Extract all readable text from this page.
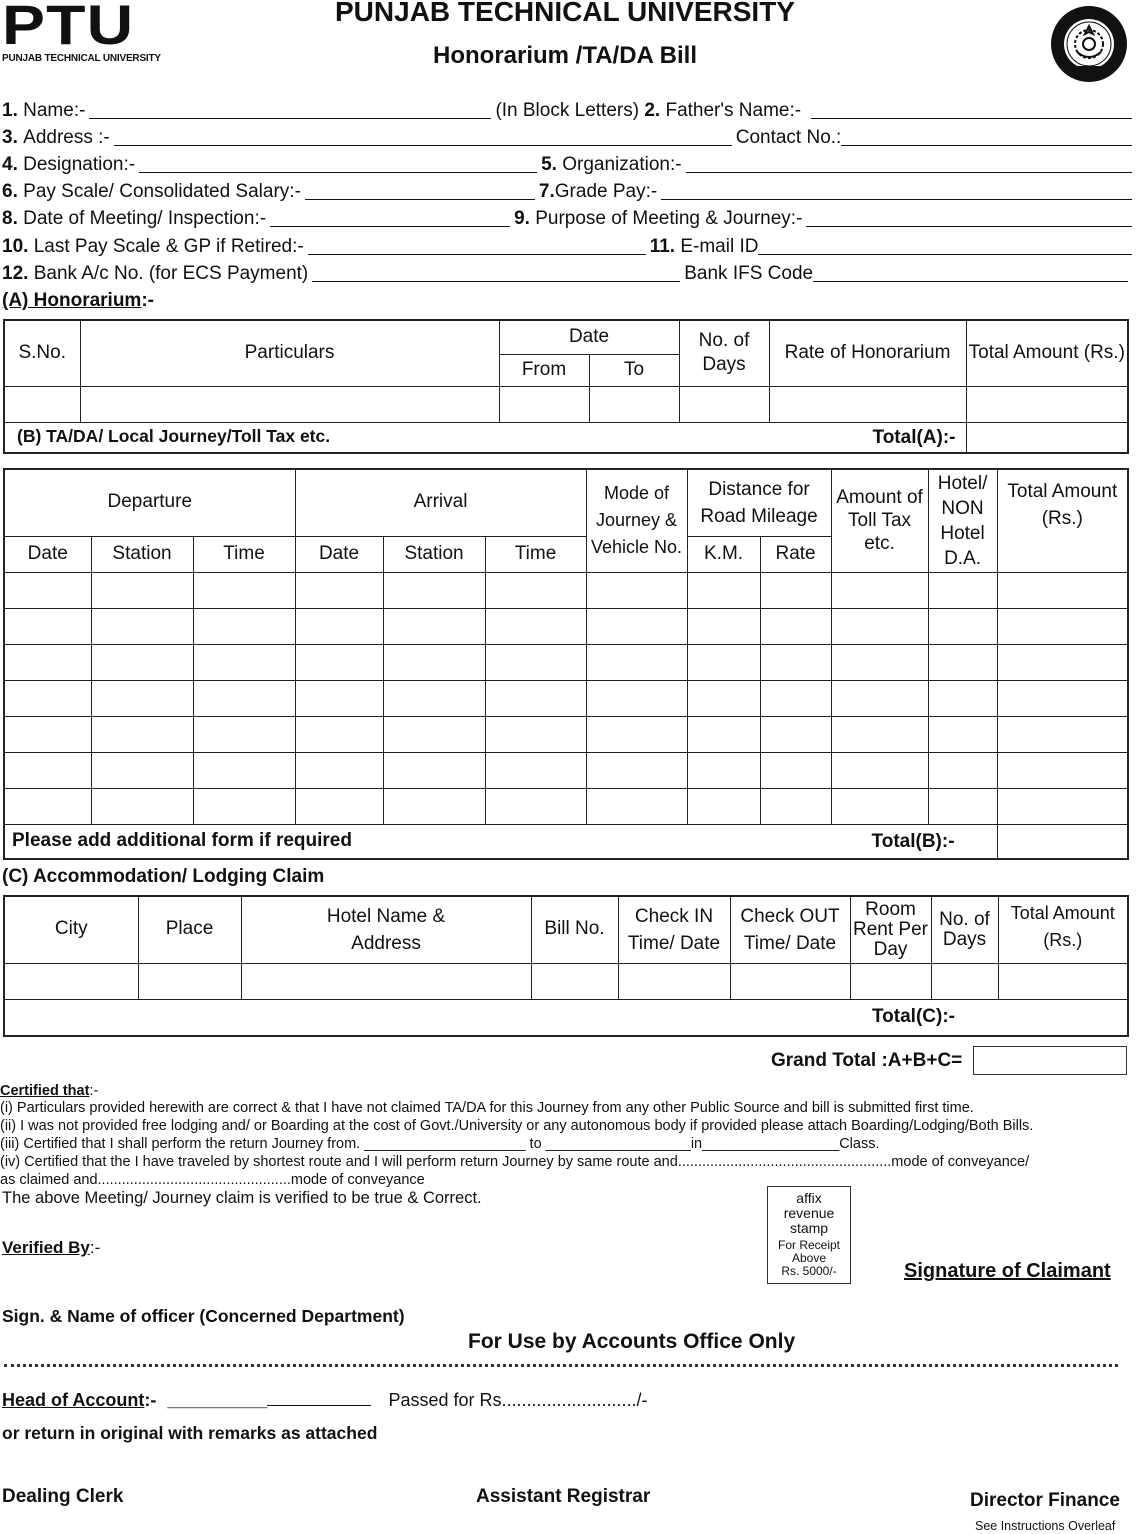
PTU
PUNJAB TECHNICAL UNIVERSITY
PUNJAB TECHNICAL UNIVERSITY
Honorarium /TA/DA Bill
1.
Name:-	(In Block Letters)
2.
Father's Name:-
3.
Address :-	Contact No.:
4.
Designation:-	5.
Organization:-
6.
Pay Scale/ Consolidated Salary:-	7. Grade Pay:-
8.
Date of Meeting/ Inspection:-	9.
Purpose of Meeting & Journey:-
10.
Last Pay Scale & GP if Retired:-	11.
E-mail ID
12.
Bank A/c No. (for ECS Payment)	Bank IFS Code
(A) Honorarium:-
S.No.	Particulars	Date		No. of Days	Rate of Honorarium	Total Amount (Rs.)
		From	To			

(B) TA/DA/ Local Journey/Toll Tax etc. Total(A):-						

Departure			Arrival			Mode of Journey & Vehicle No.	Distance for Road Mileage		Amount of Toll Tax etc.	Hotel/ NON Hotel D.A.	Total Amount (Rs.)
Date	Station	Time	Date	Station	Time		K.M.	Rate			

Please add additional form if required Total(B):-											

(C) Accommodation/ Lodging Claim
City	Place	Hotel Name & Address	Bill No.	Check IN Time/ Date	Check OUT Time/ Date	Room Rent Per Day	No. of Days	Total Amount (Rs.)

Total(C):-								
Grand Total :A+B+C=
Certified that:-
(i) Particulars provided herewith are correct & that I have not claimed TA/DA for this Journey from any other Public Source and bill is submitted first time.
(ii) I was not provided free lodging and/ or Boarding at the cost of Govt./University or any autonomous body if provided please attach Boarding/Lodging/Both Bills.
(iii) Certified that I shall perform the return Journey from. ____________________ to __________________in_________________Class.
(iv) Certified that the I have traveled by shortest route and I will perform return Journey by same route and.....................................................mode of conveyance/
as claimed and................................................mode of conveyance
The above Meeting/ Journey claim is verified to be true & Correct.
Verified By:-
affix
revenue
stamp
For Receipt
Above
Rs. 5000/-	Signature of Claimant
Sign. & Name of officer (Concerned Department)
For Use by Accounts Office Only
Head of Account:- __________	Passed for Rs.........................../-
or return in original with remarks as attached
Dealing Clerk	Assistant Registrar	Director Finance
See Instructions Overleaf
